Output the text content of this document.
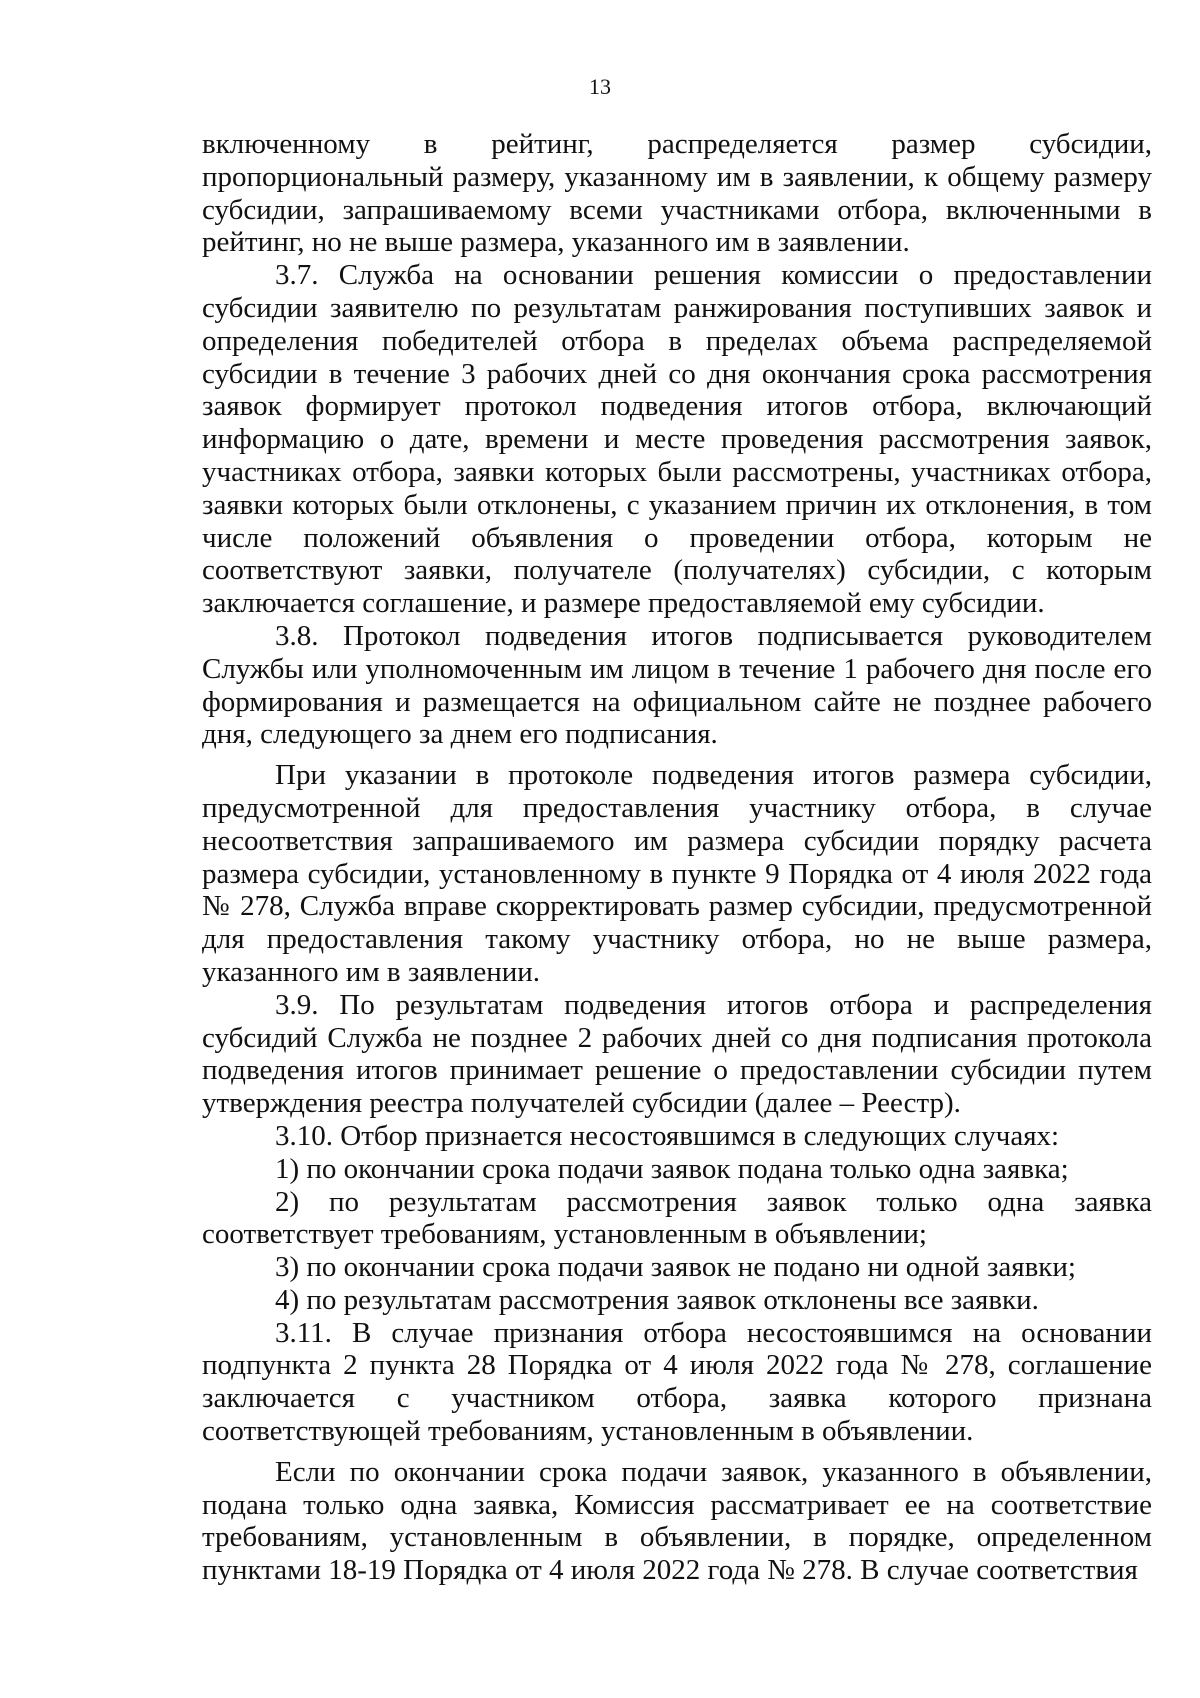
13

включенному в рейтинг, распределяется размер субсидии, пропорциональный размеру, указанному им в заявлении, к общему размеру субсидии, запрашиваемому всеми участниками отбора, включенными в рейтинг, но не выше размера, указанного им в заявлении.

3.7. Служба на основании решения комиссии о предоставлении субсидии заявителю по результатам ранжирования поступивших заявок и определения победителей отбора в пределах объема распределяемой субсидии в течение 3 рабочих дней со дня окончания срока рассмотрения заявок формирует протокол подведения итогов отбора, включающий информацию о дате, времени и месте проведения рассмотрения заявок, участниках отбора, заявки которых были рассмотрены, участниках отбора, заявки которых были отклонены, с указанием причин их отклонения, в том числе положений объявления о проведении отбора, которым не соответствуют заявки, получателе (получателях) субсидии, с которым заключается соглашение, и размере предоставляемой ему субсидии.

3.8. Протокол подведения итогов подписывается руководителем Службы или уполномоченным им лицом в течение 1 рабочего дня после его формирования и размещается на официальном сайте не позднее рабочего дня, следующего за днем его подписания.

При указании в протоколе подведения итогов размера субсидии, предусмотренной для предоставления участнику отбора, в случае несоответствия запрашиваемого им размера субсидии порядку расчета размера субсидии, установленному в пункте 9 Порядка от 4 июля 2022 года № 278, Служба вправе скорректировать размер субсидии, предусмотренной для предоставления такому участнику отбора, но не выше размера, указанного им в заявлении.

3.9. По результатам подведения итогов отбора и распределения субсидий Служба не позднее 2 рабочих дней со дня подписания протокола подведения итогов принимает решение о предоставлении субсидии путем утверждения реестра получателей субсидии (далее – Реестр).

3.10. Отбор признается несостоявшимся в следующих случаях:

1) по окончании срока подачи заявок подана только одна заявка;

2) по результатам рассмотрения заявок только одна заявка соответствует требованиям, установленным в объявлении;

3) по окончании срока подачи заявок не подано ни одной заявки;

4) по результатам рассмотрения заявок отклонены все заявки.

3.11. В случае признания отбора несостоявшимся на основании подпункта 2 пункта 28 Порядка от 4 июля 2022 года № 278, соглашение заключается с участником отбора, заявка которого признана соответствующей требованиям, установленным в объявлении.

Если по окончании срока подачи заявок, указанного в объявлении, подана только одна заявка, Комиссия рассматривает ее на соответствие требованиям, установленным в объявлении, в порядке, определенном пунктами 18-19 Порядка от 4 июля 2022 года № 278. В случае соответствия
